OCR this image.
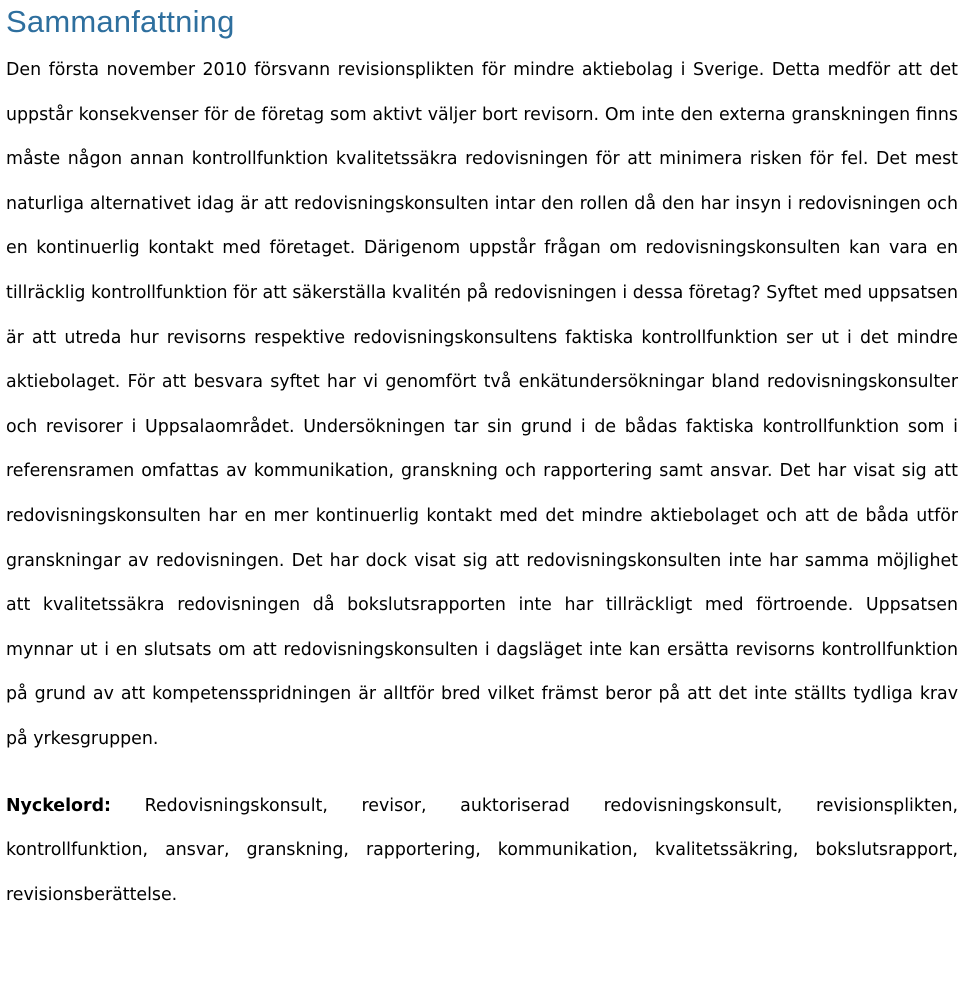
Sammanfattning

Den första november 2010 försvann revisionsplikten för mindre aktiebolag i Sverige. Detta medför att det uppstår konsekvenser för de företag som aktivt väljer bort revisorn. Om inte den externa granskningen finns måste någon annan kontrollfunktion kvalitetssäkra redovisningen för att minimera risken för fel. Det mest naturliga alternativet idag är att redovisningskonsulten intar den rollen då den har insyn i redovisningen och en kontinuerlig kontakt med företaget. Därigenom uppstår frågan om redovisningskonsulten kan vara en tillräcklig kontrollfunktion för att säkerställa kvalitén på redovisningen i dessa företag? Syftet med uppsatsen är att utreda hur revisorns respektive redovisningskonsultens faktiska kontrollfunktion ser ut i det mindre aktiebolaget. För att besvara syftet har vi genomfört två enkätundersökningar bland redovisningskonsulter och revisorer i Uppsalaområdet. Undersökningen tar sin grund i de bådas faktiska kontrollfunktion som i referensramen omfattas av kommunikation, granskning och rapportering samt ansvar. Det har visat sig att redovisningskonsulten har en mer kontinuerlig kontakt med det mindre aktiebolaget och att de båda utför granskningar av redovisningen. Det har dock visat sig att redovisningskonsulten inte har samma möjlighet att kvalitetssäkra redovisningen då bokslutsrapporten inte har tillräckligt med förtroende. Uppsatsen mynnar ut i en slutsats om att redovisningskonsulten i dagsläget inte kan ersätta revisorns kontrollfunktion på grund av att kompetensspridningen är alltför bred vilket främst beror på att det inte ställts tydliga krav på yrkesgruppen.

Nyckelord: Redovisningskonsult, revisor, auktoriserad redovisningskonsult, revisionsplikten, kontrollfunktion, ansvar, granskning, rapportering, kommunikation, kvalitetssäkring, bokslutsrapport, revisionsberättelse.
